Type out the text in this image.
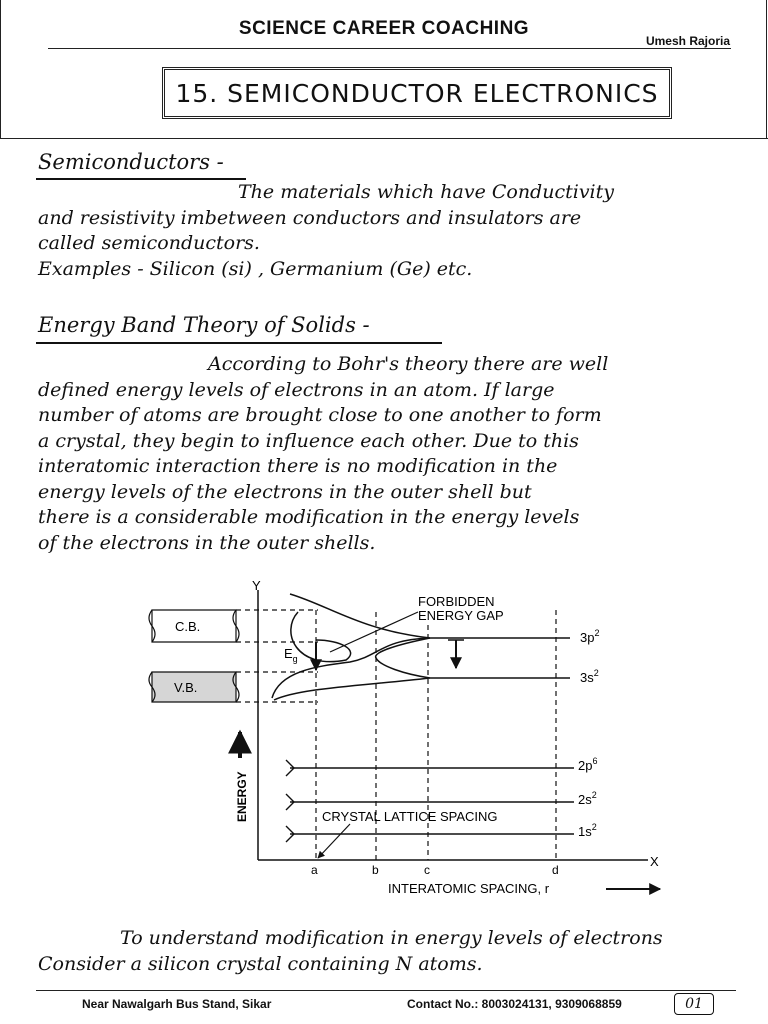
SCIENCE CAREER COACHING
Umesh Rajoria
15. SEMICONDUCTOR ELECTRONICS
Semiconductors -
The materials which have Conductivity
and resistivity imbetween conductors and insulators are
called semiconductors.
Examples - Silicon (si) , Germanium (Ge) etc.
Energy Band Theory of Solids -
According to Bohr's theory there are well
defined energy levels of electrons in an atom. If large
number of atoms are brought close to one another to form
a crystal, they begin to influence each other. Due to this
interatomic interaction there is no modification in the
energy levels of the electrons in the outer shell but
there is a considerable modification in the energy levels
of the electrons in the outer shells.
Y
X
C.B.
V.B.
$E_g$
FORBIDDEN
ENERGY GAP
$3p^2$
$3s^2$
$2p^6$
$2s^2$
$1s^2$
ENERGY	CRYSTAL LATTICE SPACING
a	b	c	d
INTERATOMIC SPACING, r
To understand modification in energy levels of electrons
Consider a silicon crystal containing N atoms.
Near Nawalgarh Bus Stand, Sikar	Contact No.: 8003024131, 9309068859	01
